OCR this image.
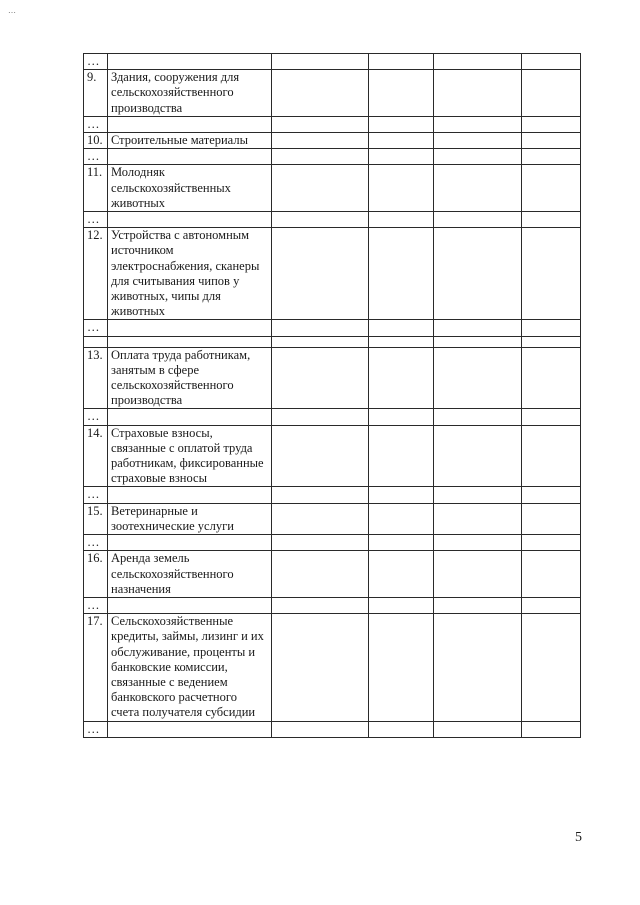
…
…					
9.	Здания, сооружения для сельскохозяйственного производства				
…					
10.	Строительные материалы				
…					
11.	Молодняк сельскохозяйственных животных				
…					
12.	Устройства с автономным источником электроснабжения, сканеры для считывания чипов у животных, чипы для животных				
…					

13.	Оплата труда работникам, занятым в сфере сельскохозяйственного производства				
…					
14.	Страховые взносы, связанные с оплатой труда работникам, фиксированные страховые взносы				
…					
15.	Ветеринарные и зоотехнические услуги				
…					
16.	Аренда земель сельскохозяйственного назначения				
…					
17.	Сельскохозяйственные кредиты, займы, лизинг и их обслуживание, проценты и банковские комиссии, связанные с ведением банковского расчетного счета получателя субсидии				
…					
5
